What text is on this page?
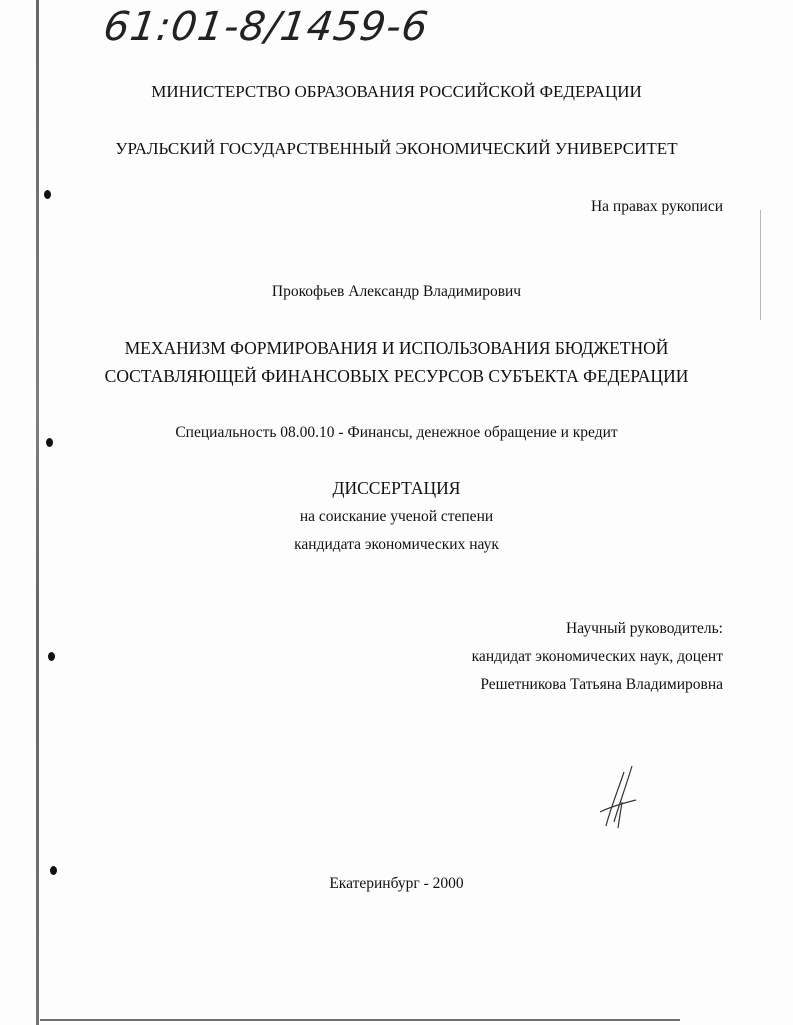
61:01-8/1459-6

МИНИСТЕРСТВО ОБРАЗОВАНИЯ РОССИЙСКОЙ ФЕДЕРАЦИИ

УРАЛЬСКИЙ ГОСУДАРСТВЕННЫЙ ЭКОНОМИЧЕСКИЙ УНИВЕРСИТЕТ

На правах рукописи

Прокофьев Александр Владимирович

МЕХАНИЗМ ФОРМИРОВАНИЯ И ИСПОЛЬЗОВАНИЯ БЮДЖЕТНОЙ

СОСТАВЛЯЮЩЕЙ ФИНАНСОВЫХ РЕСУРСОВ СУБЪЕКТА ФЕДЕРАЦИИ

Специальность 08.00.10 - Финансы, денежное обращение и кредит

ДИССЕРТАЦИЯ

на соискание ученой степени

кандидата экономических наук

Научный руководитель:
кандидат экономических наук, доцент
Решетникова Татьяна Владимировна

Екатеринбург - 2000
